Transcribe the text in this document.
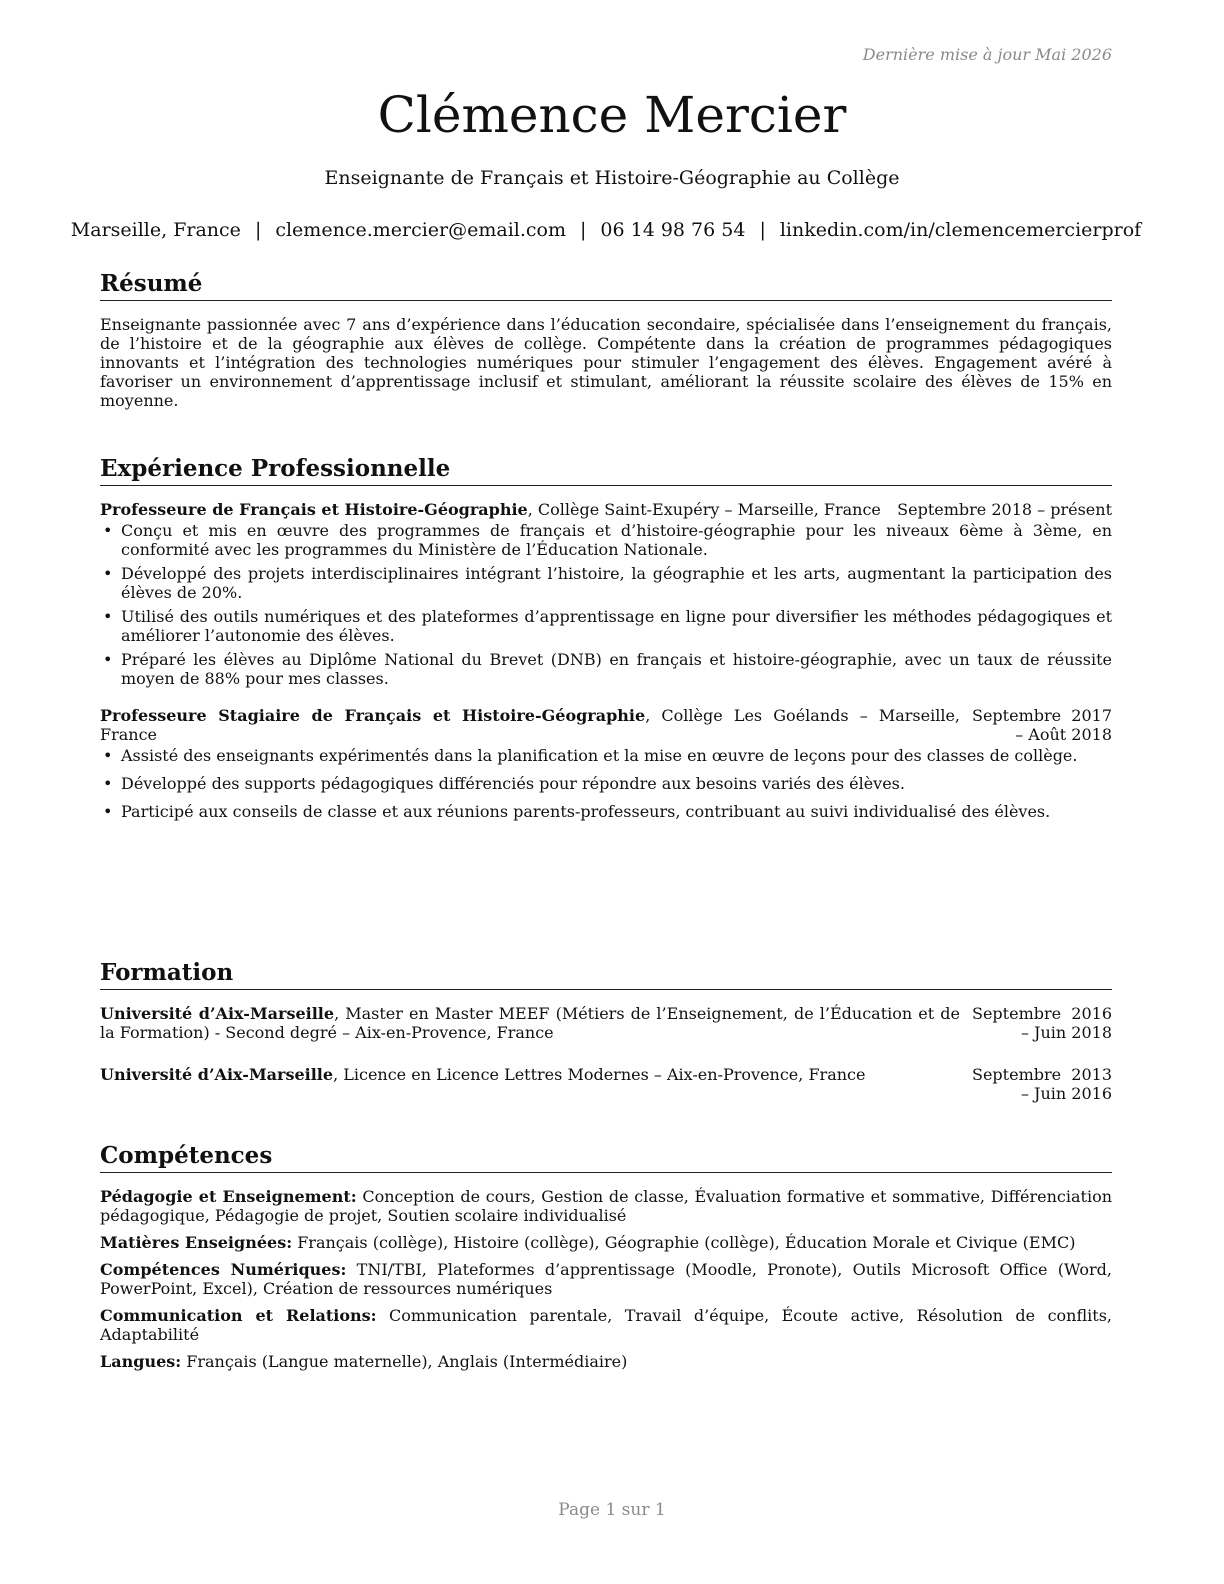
Dernière mise à jour Mai 2026
Clémence Mercier
Enseignante de Français et Histoire-Géographie au Collège
Marseille, France | clemence.mercier@email.com | 06 14 98 76 54 | linkedin.com/in/clemencemercierprof
Résumé

Enseignante passionnée avec 7 ans d’expérience dans l’éducation secondaire, spécialisée dans l’enseignement du français, de l’histoire et de la géographie aux élèves de collège. Compétente dans la création de programmes pédagogiques innovants et l’intégration des technologies numériques pour stimuler l’engagement des élèves. Engagement avéré à favoriser un environnement d’apprentissage inclusif et stimulant, améliorant la réussite scolaire des élèves de 15% en moyenne.

Expérience Professionnelle
Professeure de Français et Histoire-Géographie, Collège Saint-Exupéry – Marseille, France Septembre 2018 – présent
• Conçu et mis en œuvre des programmes de français et d’histoire-géographie pour les niveaux 6ème à 3ème, en conformité avec les programmes du Ministère de l’Éducation Nationale.
• Développé des projets interdisciplinaires intégrant l’histoire, la géographie et les arts, augmentant la participation des élèves de 20%.
• Utilisé des outils numériques et des plateformes d’apprentissage en ligne pour diversifier les méthodes pédagogiques et améliorer l’autonomie des élèves.
• Préparé les élèves au Diplôme National du Brevet (DNB) en français et histoire-géographie, avec un taux de réussite moyen de 88% pour mes classes.
Professeure Stagiaire de Français et Histoire-Géographie, Collège Les Goélands – Marseille, France
Septembre 2017 – Août 2018
• Assisté des enseignants expérimentés dans la planification et la mise en œuvre de leçons pour des classes de collège.
• Développé des supports pédagogiques différenciés pour répondre aux besoins variés des élèves.
• Participé aux conseils de classe et aux réunions parents-professeurs, contribuant au suivi individualisé des élèves.
Formation
Université d’Aix-Marseille, Master en Master MEEF (Métiers de l’Enseignement, de l’Éducation et de la Formation) - Second degré – Aix-en-Provence, France
Septembre 2016 – Juin 2018
Université d’Aix-Marseille, Licence en Licence Lettres Modernes – Aix-en-Provence, France	Septembre 2013 – Juin 2016
Compétences
Pédagogie et Enseignement: Conception de cours, Gestion de classe, Évaluation formative et sommative, Différenciation pédagogique, Pédagogie de projet, Soutien scolaire individualisé
Matières Enseignées: Français (collège), Histoire (collège), Géographie (collège), Éducation Morale et Civique (EMC)
Compétences Numériques: TNI/TBI, Plateformes d’apprentissage (Moodle, Pronote), Outils Microsoft Office (Word, PowerPoint, Excel), Création de ressources numériques
Communication et Relations: Communication parentale, Travail d’équipe, Écoute active, Résolution de conflits, Adaptabilité
Langues: Français (Langue maternelle), Anglais (Intermédiaire)
Page 1 sur 1
